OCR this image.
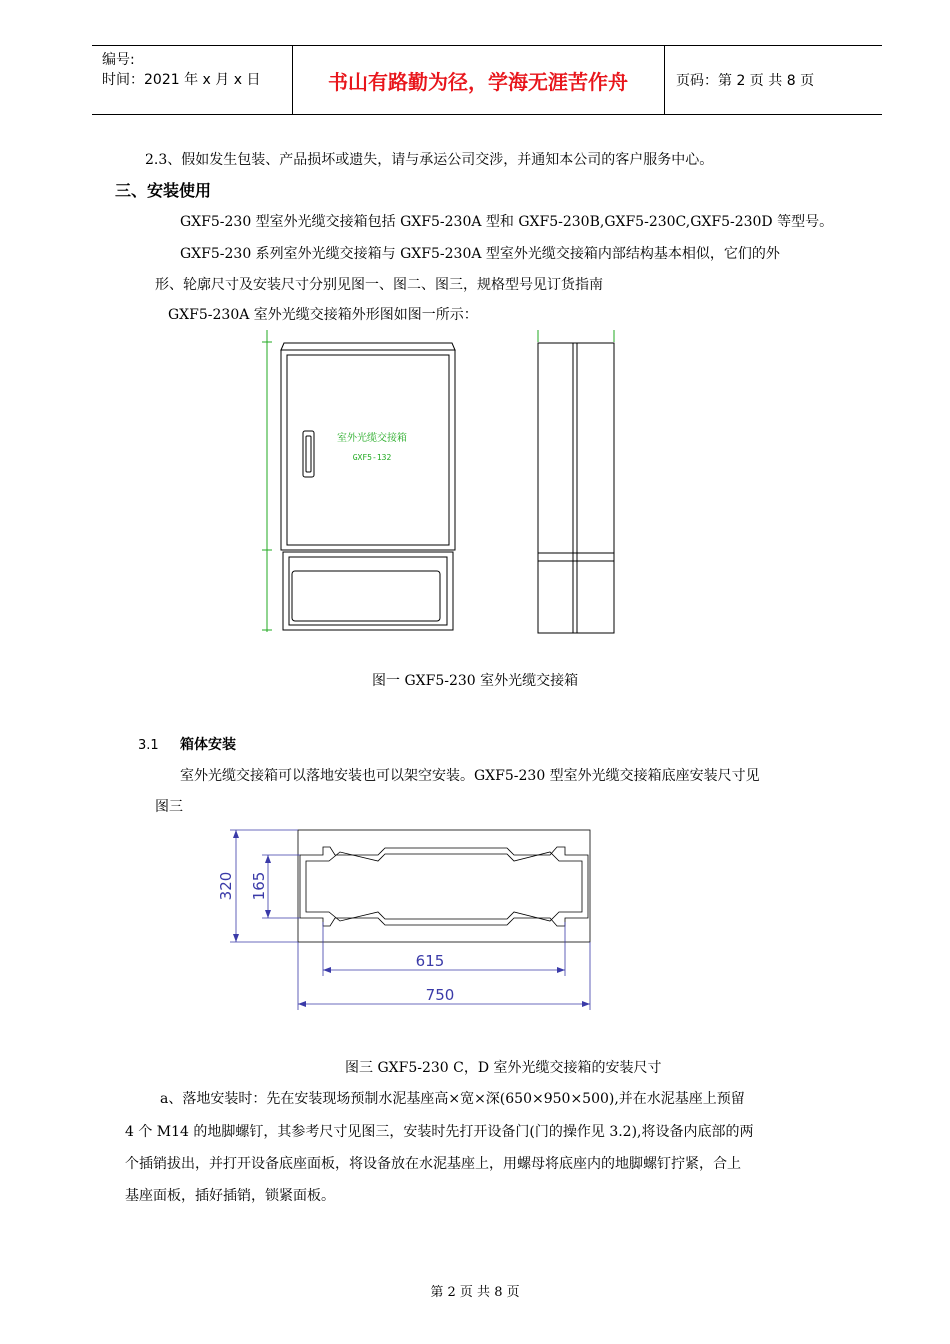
编号:
时间：2021 年 x 月 x 日	书山有路勤为径，学海无涯苦作舟	页码：第 2 页 共 8 页
2.3、假如发生包装、产品损坏或遗失，请与承运公司交涉，并通知本公司的客户服务中心。
三、安装使用
GXF5-230 型室外光缆交接箱包括 GXF5-230A 型和 GXF5-230B,GXF5-230C,GXF5-230D 等型号。
GXF5-230 系列室外光缆交接箱与 GXF5-230A 型室外光缆交接箱内部结构基本相似，它们的外
形、轮廓尺寸及安装尺寸分别见图一、图二、图三，规格型号见订货指南
GXF5-230A 室外光缆交接箱外形图如图一所示：
室外光缆交接箱
GXF5-132
图一 GXF5-230 室外光缆交接箱
3.1 箱体安装
室外光缆交接箱可以落地安装也可以架空安装。GXF5-230 型室外光缆交接箱底座安装尺寸见
图三
320 165
615
750
图三 GXF5-230 C，D 室外光缆交接箱的安装尺寸
a、落地安装时：先在安装现场预制水泥基座高×宽×深(650×950×500),并在水泥基座上预留
4 个 M14 的地脚螺钉，其参考尺寸见图三，安装时先打开设备门(门的操作见 3.2),将设备内底部的两
个插销拔出，并打开设备底座面板，将设备放在水泥基座上，用螺母将底座内的地脚螺钉拧紧，合上
基座面板，插好插销，锁紧面板。
第 2 页 共 8 页
